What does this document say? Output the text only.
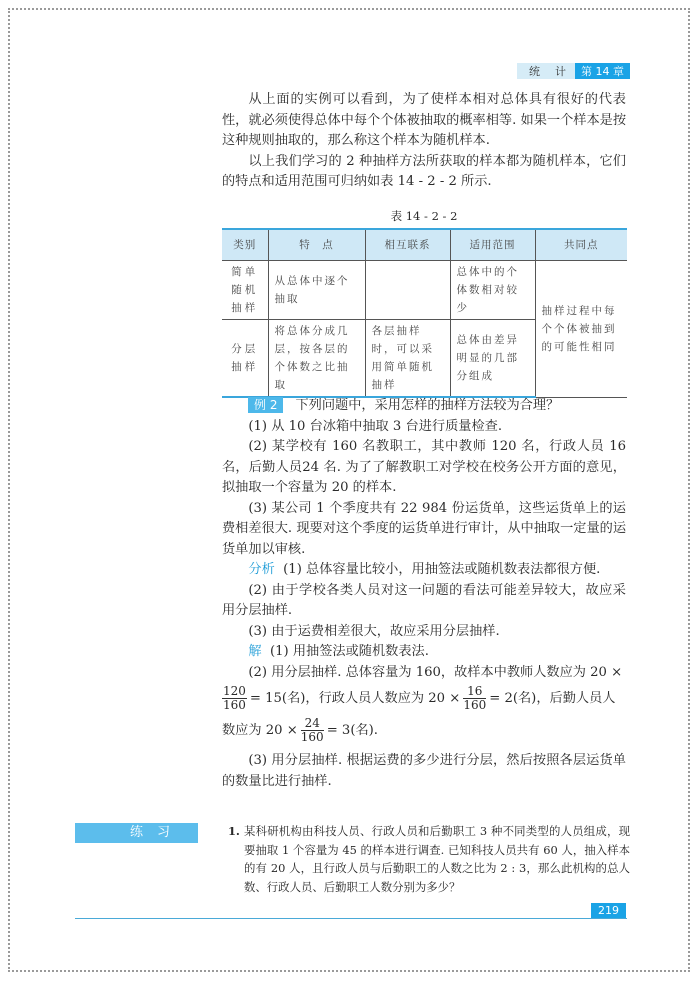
统 计	第 14 章

从上面的实例可以看到，为了使样本相对总体具有很好的代表性，就必须使得总体中每个个体被抽取的概率相等. 如果一个样本是按这种规则抽取的，那么称这个样本为随机样本.

以上我们学习的 2 种抽样方法所获取的样本都为随机样本，它们的特点和适用范围可归纳如表 14 - 2 - 2 所示.

表 14 - 2 - 2
类别	特　点	相互联系	适用范围	共同点
简单随机抽样	从总体中逐个抽取		总体中的个体数相对较少	抽样过程中每个个体被抽到的可能性相同
分层抽样	将总体分成几层，按各层的个体数之比抽取	各层抽样时，可以采用简单随机抽样	总体由差异明显的几部分组成	

例 2 下列问题中，采用怎样的抽样方法较为合理？

(1) 从 10 台冰箱中抽取 3 台进行质量检查.

(2) 某学校有 160 名教职工，其中教师 120 名，行政人员 16 名，后勤人员24 名. 为了了解教职工对学校在校务公开方面的意见，拟抽取一个容量为 20 的样本.

(3) 某公司 1 个季度共有 22 984 份运货单，这些运货单上的运费相差很大. 现要对这个季度的运货单进行审计，从中抽取一定量的运货单加以审核.

分析 (1) 总体容量比较小，用抽签法或随机数表法都很方便.

(2) 由于学校各类人员对这一问题的看法可能差异较大，故应采用分层抽样.

(3) 由于运费相差很大，故应采用分层抽样.

解 (1) 用抽签法或随机数表法.

(2) 用分层抽样. 总体容量为 160，故样本中教师人数应为 20 ×

$\frac{120}{160} = 15$(名)，行政人员人数应为 $20 \times \frac{16}{160} = 2$(名)，后勤人员人

数应为 $20 \times \frac{24}{160} = 3$(名).

(3) 用分层抽样. 根据运费的多少进行分层，然后按照各层运货单的数量比进行抽样.

练习	1. 某科研机构由科技人员、行政人员和后勤职工 3 种不同类型的人员组成，现要抽取 1 个容量为 45 的样本进行调查. 已知科技人员共有 60 人，抽入样本的有 20 人，且行政人员与后勤职工的人数之比为 2 : 3，那么此机构的总人数、行政人员、后勤职工人数分别为多少？
219
